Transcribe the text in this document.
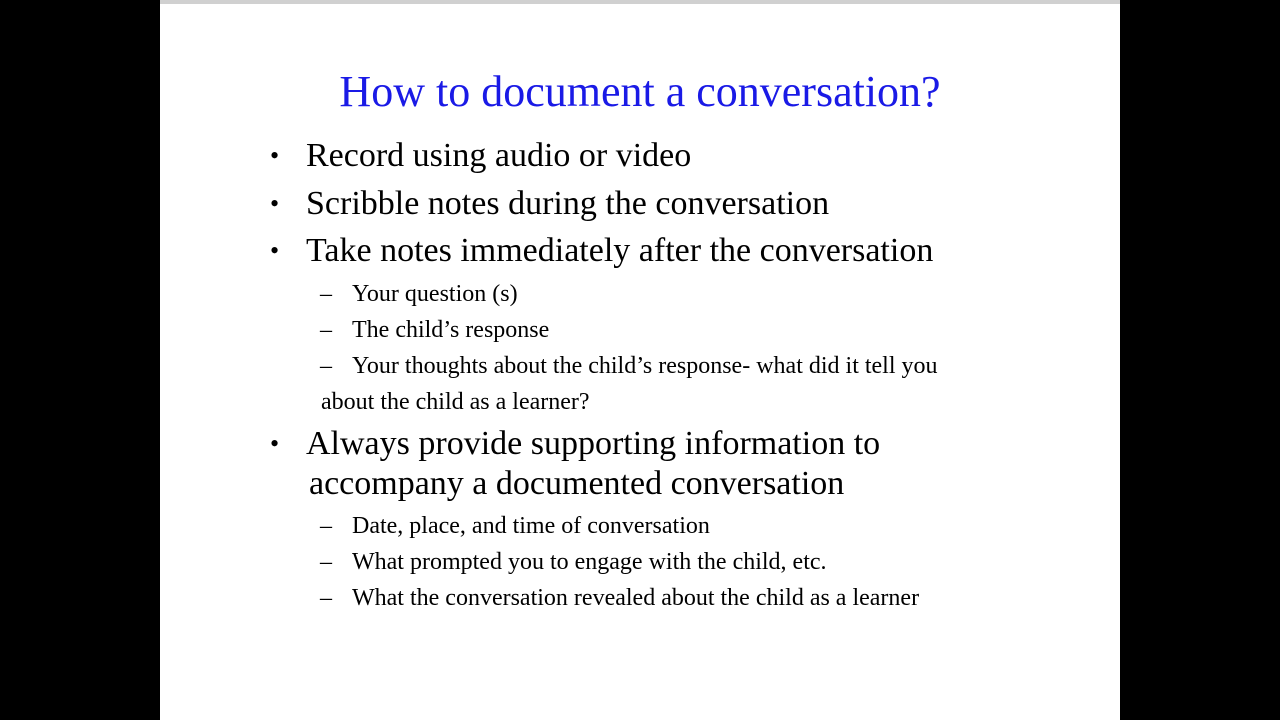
How to document a conversation?
• Record using audio or video
• Scribble notes during the conversation
• Take notes immediately after the conversation
– Your question (s)
– The child’s response
– Your thoughts about the child’s response- what did it tell you
about the child as a learner?
• Always provide supporting information to
accompany a documented conversation
– Date, place, and time of conversation
– What prompted you to engage with the child, etc.
– What the conversation revealed about the child as a learner
